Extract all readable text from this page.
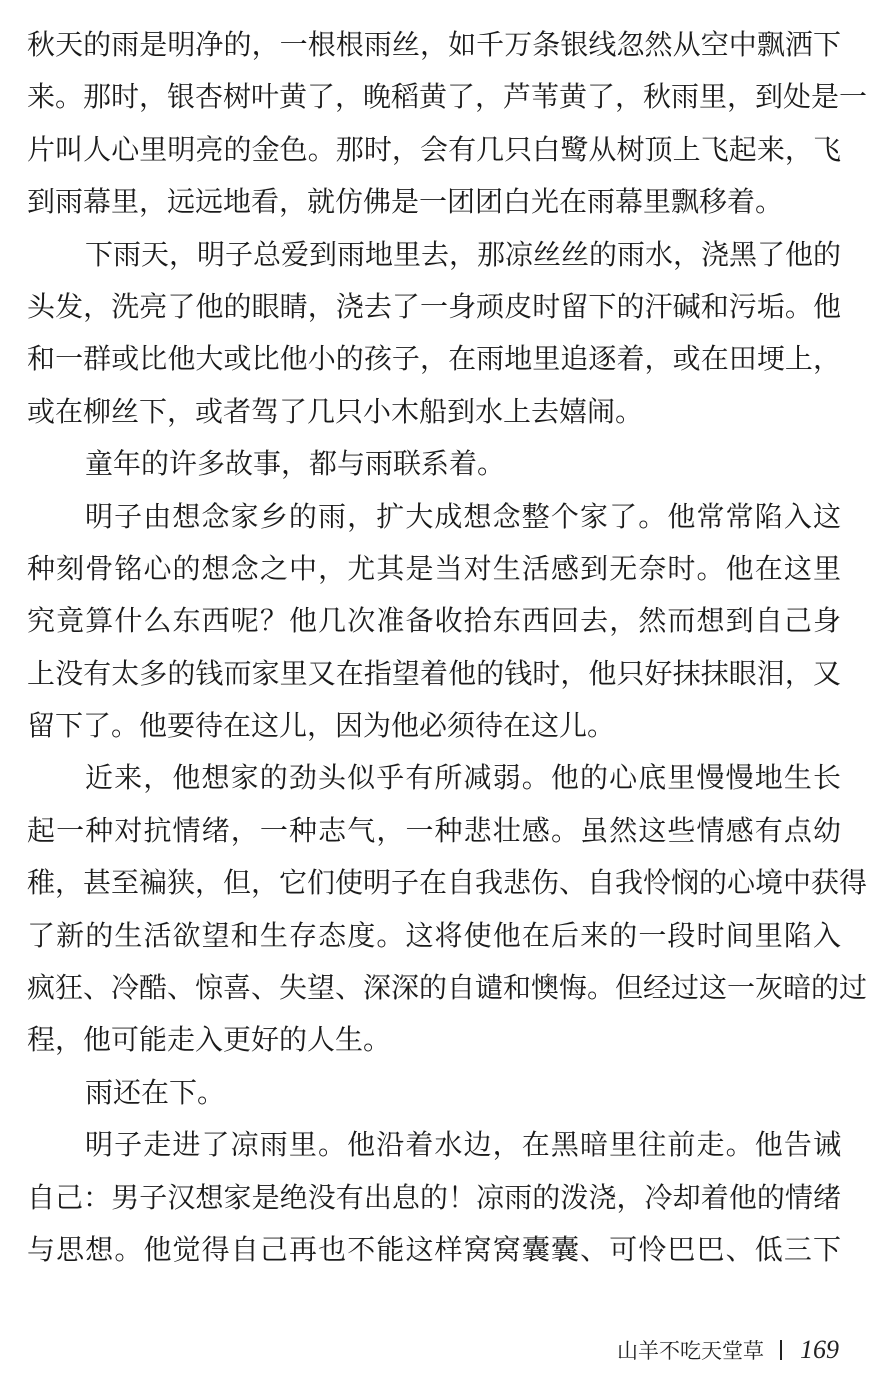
秋天的雨是明净的，一根根雨丝，如千万条银线忽然从空中飘洒下
来。那时，银杏树叶黄了，晚稻黄了，芦苇黄了，秋雨里，到处是一
片叫人心里明亮的金色。那时，会有几只白鹭从树顶上飞起来，飞
到雨幕里，远远地看，就仿佛是一团团白光在雨幕里飘移着。
下雨天，明子总爱到雨地里去，那凉丝丝的雨水，浇黑了他的
头发，洗亮了他的眼睛，浇去了一身顽皮时留下的汗碱和污垢。他
和一群或比他大或比他小的孩子，在雨地里追逐着，或在田埂上，
或在柳丝下，或者驾了几只小木船到水上去嬉闹。
童年的许多故事，都与雨联系着。
明子由想念家乡的雨，扩大成想念整个家了。他常常陷入这
种刻骨铭心的想念之中，尤其是当对生活感到无奈时。他在这里
究竟算什么东西呢？他几次准备收拾东西回去，然而想到自己身
上没有太多的钱而家里又在指望着他的钱时，他只好抹抹眼泪，又
留下了。他要待在这儿，因为他必须待在这儿。
近来，他想家的劲头似乎有所减弱。他的心底里慢慢地生长
起一种对抗情绪，一种志气，一种悲壮感。虽然这些情感有点幼
稚，甚至褊狭，但，它们使明子在自我悲伤、自我怜悯的心境中获得
了新的生活欲望和生存态度。这将使他在后来的一段时间里陷入
疯狂、冷酷、惊喜、失望、深深的自谴和懊悔。但经过这一灰暗的过
程，他可能走入更好的人生。
雨还在下。
明子走进了凉雨里。他沿着水边，在黑暗里往前走。他告诫
自己：男子汉想家是绝没有出息的！凉雨的泼浇，冷却着他的情绪
与思想。他觉得自己再也不能这样窝窝囊囊、可怜巴巴、低三下
山羊不吃天堂草 169
